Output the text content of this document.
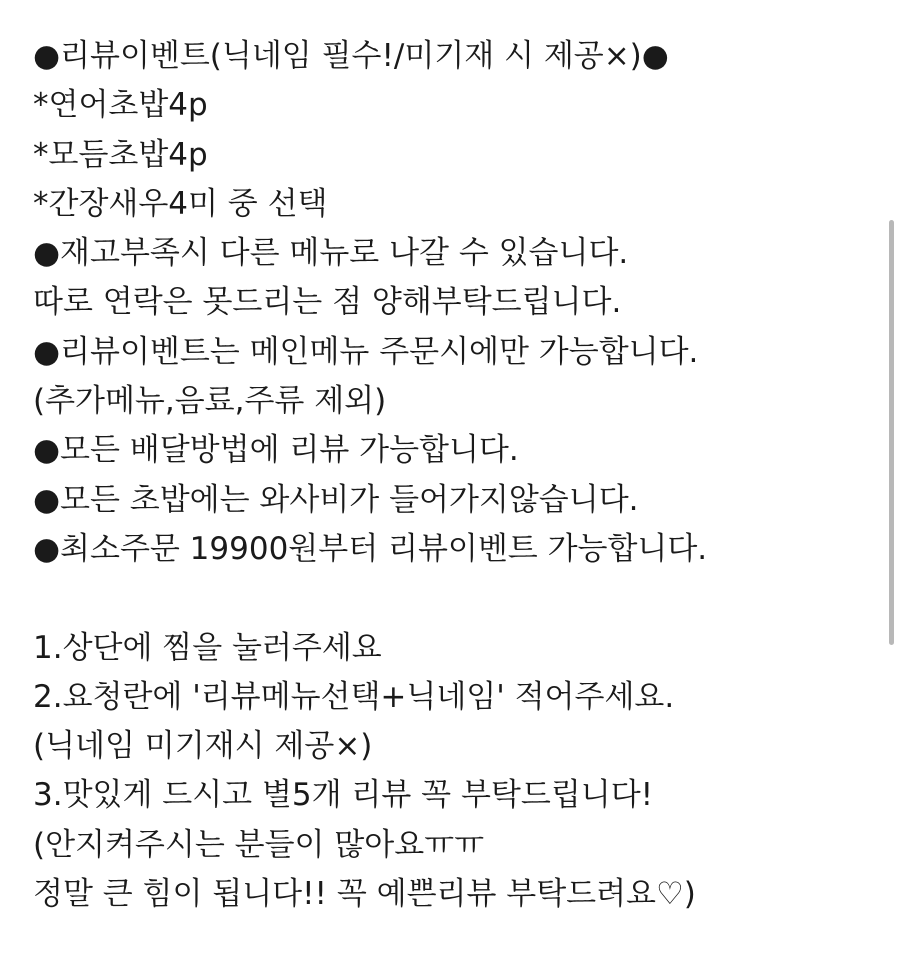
●리뷰이벤트(닉네임 필수!/미기재 시 제공×)●
*연어초밥4p
*모듬초밥4p
*간장새우4미 중 선택
●재고부족시 다른 메뉴로 나갈 수 있습니다.
따로 연락은 못드리는 점 양해부탁드립니다.
●리뷰이벤트는 메인메뉴 주문시에만 가능합니다.
(추가메뉴,음료,주류 제외)
●모든 배달방법에 리뷰 가능합니다.
●모든 초밥에는 와사비가 들어가지않습니다.
●최소주문 19900원부터 리뷰이벤트 가능합니다.
1.상단에 찜을 눌러주세요
2.요청란에 '리뷰메뉴선택+닉네임' 적어주세요.
(닉네임 미기재시 제공×)
3.맛있게 드시고 별5개 리뷰 꼭 부탁드립니다!
(안지켜주시는 분들이 많아요ㅠㅠ
정말 큰 힘이 됩니다!! 꼭 예쁜리뷰 부탁드려요♡)
